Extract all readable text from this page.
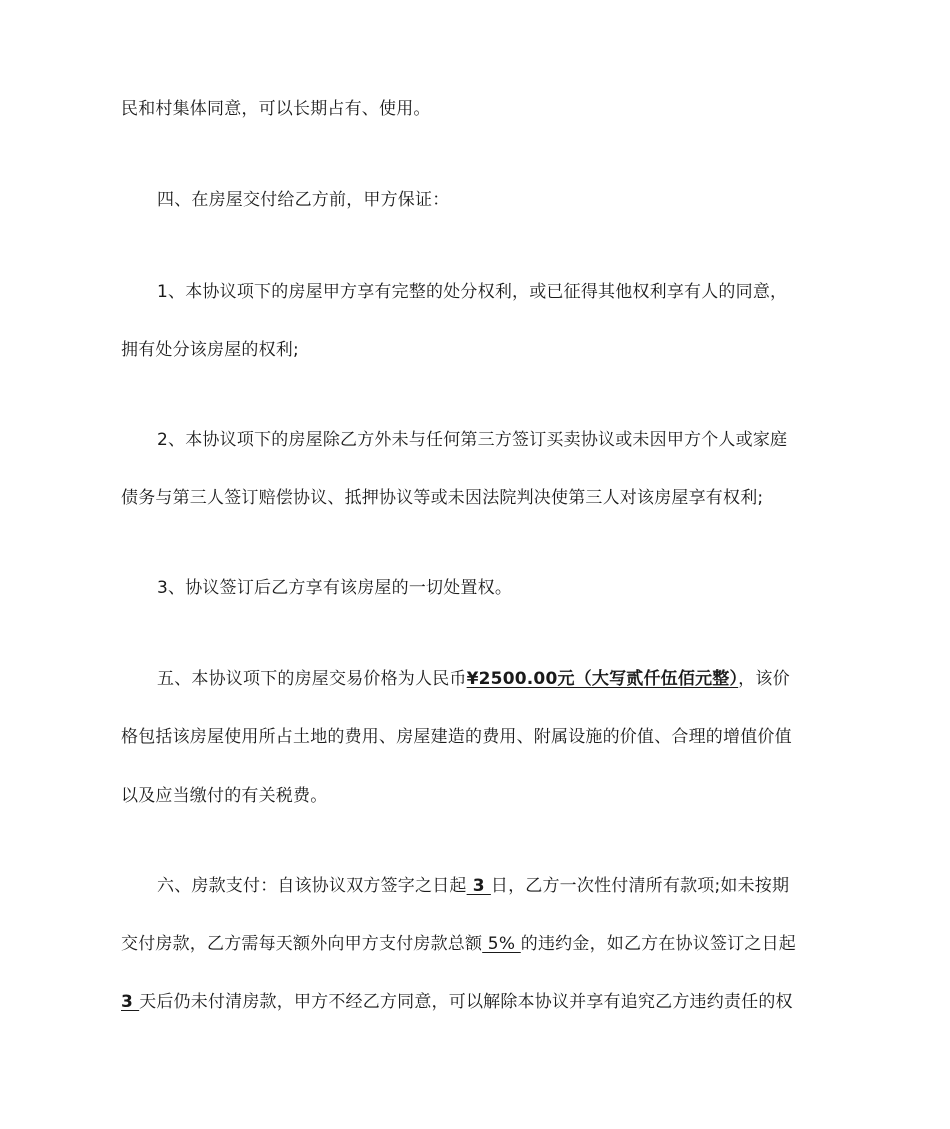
民和村集体同意，可以长期占有、使用。
四、在房屋交付给乙方前，甲方保证：
1、本协议项下的房屋甲方享有完整的处分权利，或已征得其他权利享有人的同意，
拥有处分该房屋的权利;
2、本协议项下的房屋除乙方外未与任何第三方签订买卖协议或未因甲方个人或家庭
债务与第三人签订赔偿协议、抵押协议等或未因法院判决使第三人对该房屋享有权利;
3、协议签订后乙方享有该房屋的一切处置权。
五、本协议项下的房屋交易价格为人民币¥2500.00元（大写贰仟伍佰元整），该价
格包括该房屋使用所占土地的费用、房屋建造的费用、附属设施的价值、合理的增值价值
以及应当缴付的有关税费。
六、房款支付：自该协议双方签字之日起 3 日，乙方一次性付清所有款项;如未按期
交付房款，乙方需每天额外向甲方支付房款总额 5% 的违约金，如乙方在协议签订之日起
3 天后仍未付清房款，甲方不经乙方同意，可以解除本协议并享有追究乙方违约责任的权
